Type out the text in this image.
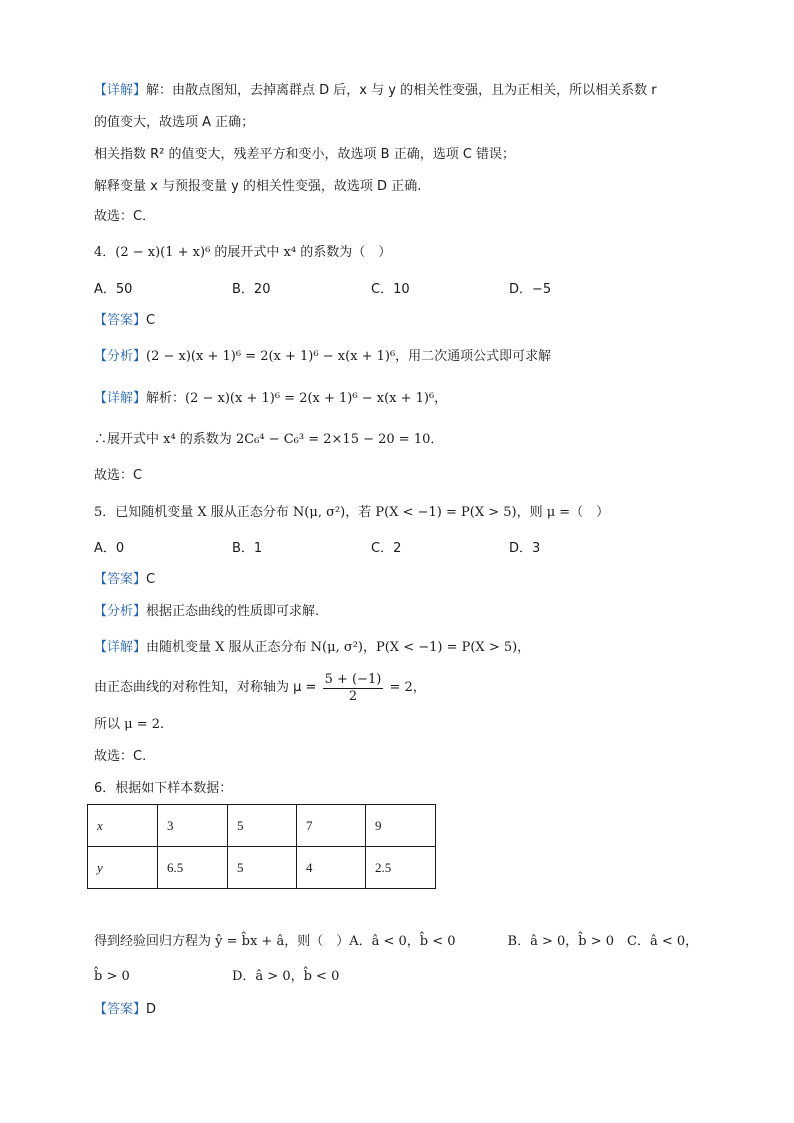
【详解】解：由散点图知，去掉离群点 D 后，x 与 y 的相关性变强，且为正相关，所以相关系数 r
的值变大，故选项 A 正确；
相关指数 R² 的值变大，残差平方和变小，故选项 B 正确，选项 C 错误；
解释变量 x 与预报变量 y 的相关性变强，故选项 D 正确.
故选：C．
4．(2 − x)(1 + x)⁶ 的展开式中 x⁴ 的系数为（　）
A．50	B．20	C．10	D．−5
【答案】C
【分析】(2 − x)(x + 1)⁶ = 2(x + 1)⁶ − x(x + 1)⁶，用二次通项公式即可求解
【详解】解析：(2 − x)(x + 1)⁶ = 2(x + 1)⁶ − x(x + 1)⁶，
∴展开式中 x⁴ 的系数为 2C₆⁴ − C₆³ = 2×15 − 20 = 10．
故选：C
5．已知随机变量 X 服从正态分布 N(μ, σ²)，若 P(X < −1) = P(X > 5)，则 μ =（　）
A．0	B．1	C．2	D．3
【答案】C
【分析】根据正态曲线的性质即可求解.
【详解】由随机变量 X 服从正态分布 N(μ, σ²)，P(X < −1) = P(X > 5)，
由正态曲线的对称性知，对称轴为 $\mu = \frac{5 + (-1)}{2} = 2$，
所以 μ = 2.
故选：C.
6．根据如下样本数据：
x	3	5	7	9
y	6.5	5	4	2.5
得到经验回归方程为 ŷ = b̂x + â，则（　）A．â < 0，b̂ < 0　　　　B．â > 0，b̂ > 0　C．â < 0，
b̂ > 0	D．â > 0，b̂ < 0
【答案】D
